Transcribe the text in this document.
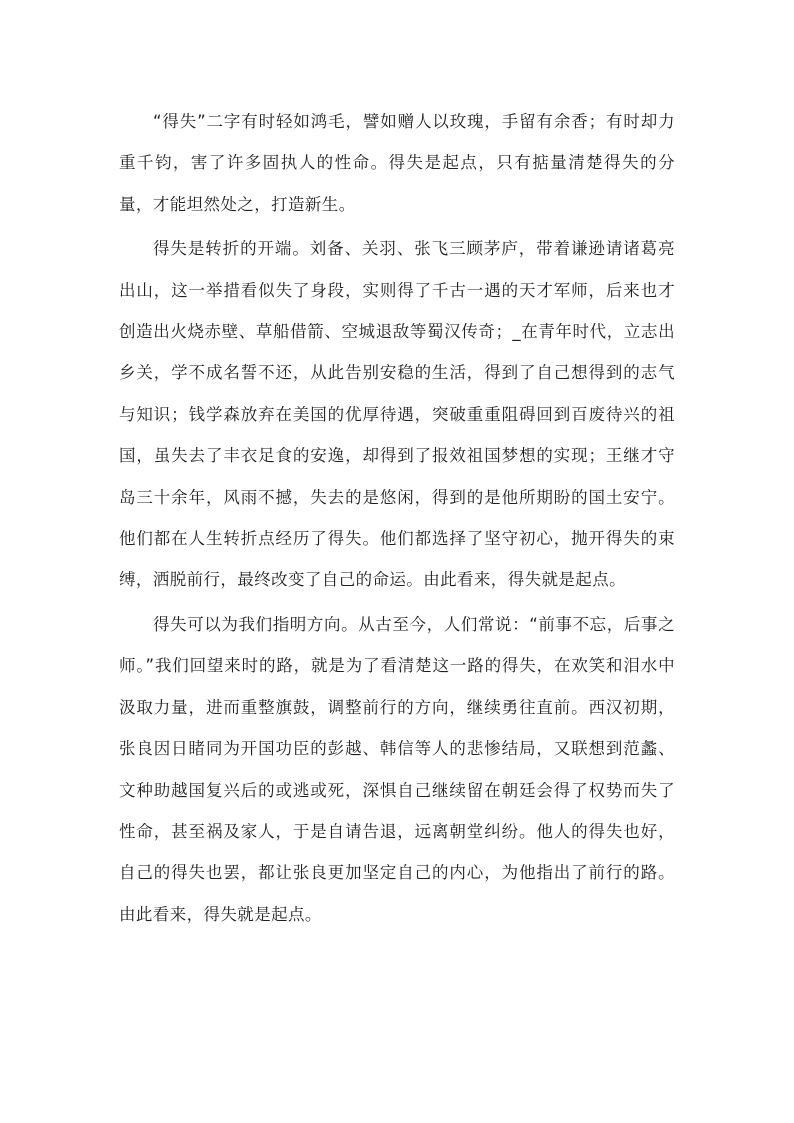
“得失”二字有时轻如鸿毛，譬如赠人以玫瑰，手留有余香；有时却力重千钧，害了许多固执人的性命。得失是起点，只有掂量清楚得失的分量，才能坦然处之，打造新生。

得失是转折的开端。刘备、关羽、张飞三顾茅庐，带着谦逊请诸葛亮出山，这一举措看似失了身段，实则得了千古一遇的天才军师，后来也才创造出火烧赤壁、草船借箭、空城退敌等蜀汉传奇；_在青年时代，立志出乡关，学不成名誓不还，从此告别安稳的生活，得到了自己想得到的志气与知识；钱学森放弃在美国的优厚待遇，突破重重阻碍回到百废待兴的祖国，虽失去了丰衣足食的安逸，却得到了报效祖国梦想的实现；王继才守岛三十余年，风雨不撼，失去的是悠闲，得到的是他所期盼的国土安宁。他们都在人生转折点经历了得失。他们都选择了坚守初心，抛开得失的束缚，洒脱前行，最终改变了自己的命运。由此看来，得失就是起点。

得失可以为我们指明方向。从古至今，人们常说：“前事不忘，后事之师。”我们回望来时的路，就是为了看清楚这一路的得失，在欢笑和泪水中汲取力量，进而重整旗鼓，调整前行的方向，继续勇往直前。西汉初期，张良因日睹同为开国功臣的彭越、韩信等人的悲惨结局，又联想到范蠡、文种助越国复兴后的或逃或死，深惧自己继续留在朝廷会得了权势而失了性命，甚至祸及家人，于是自请告退，远离朝堂纠纷。他人的得失也好，自己的得失也罢，都让张良更加坚定自己的内心，为他指出了前行的路。由此看来，得失就是起点。
